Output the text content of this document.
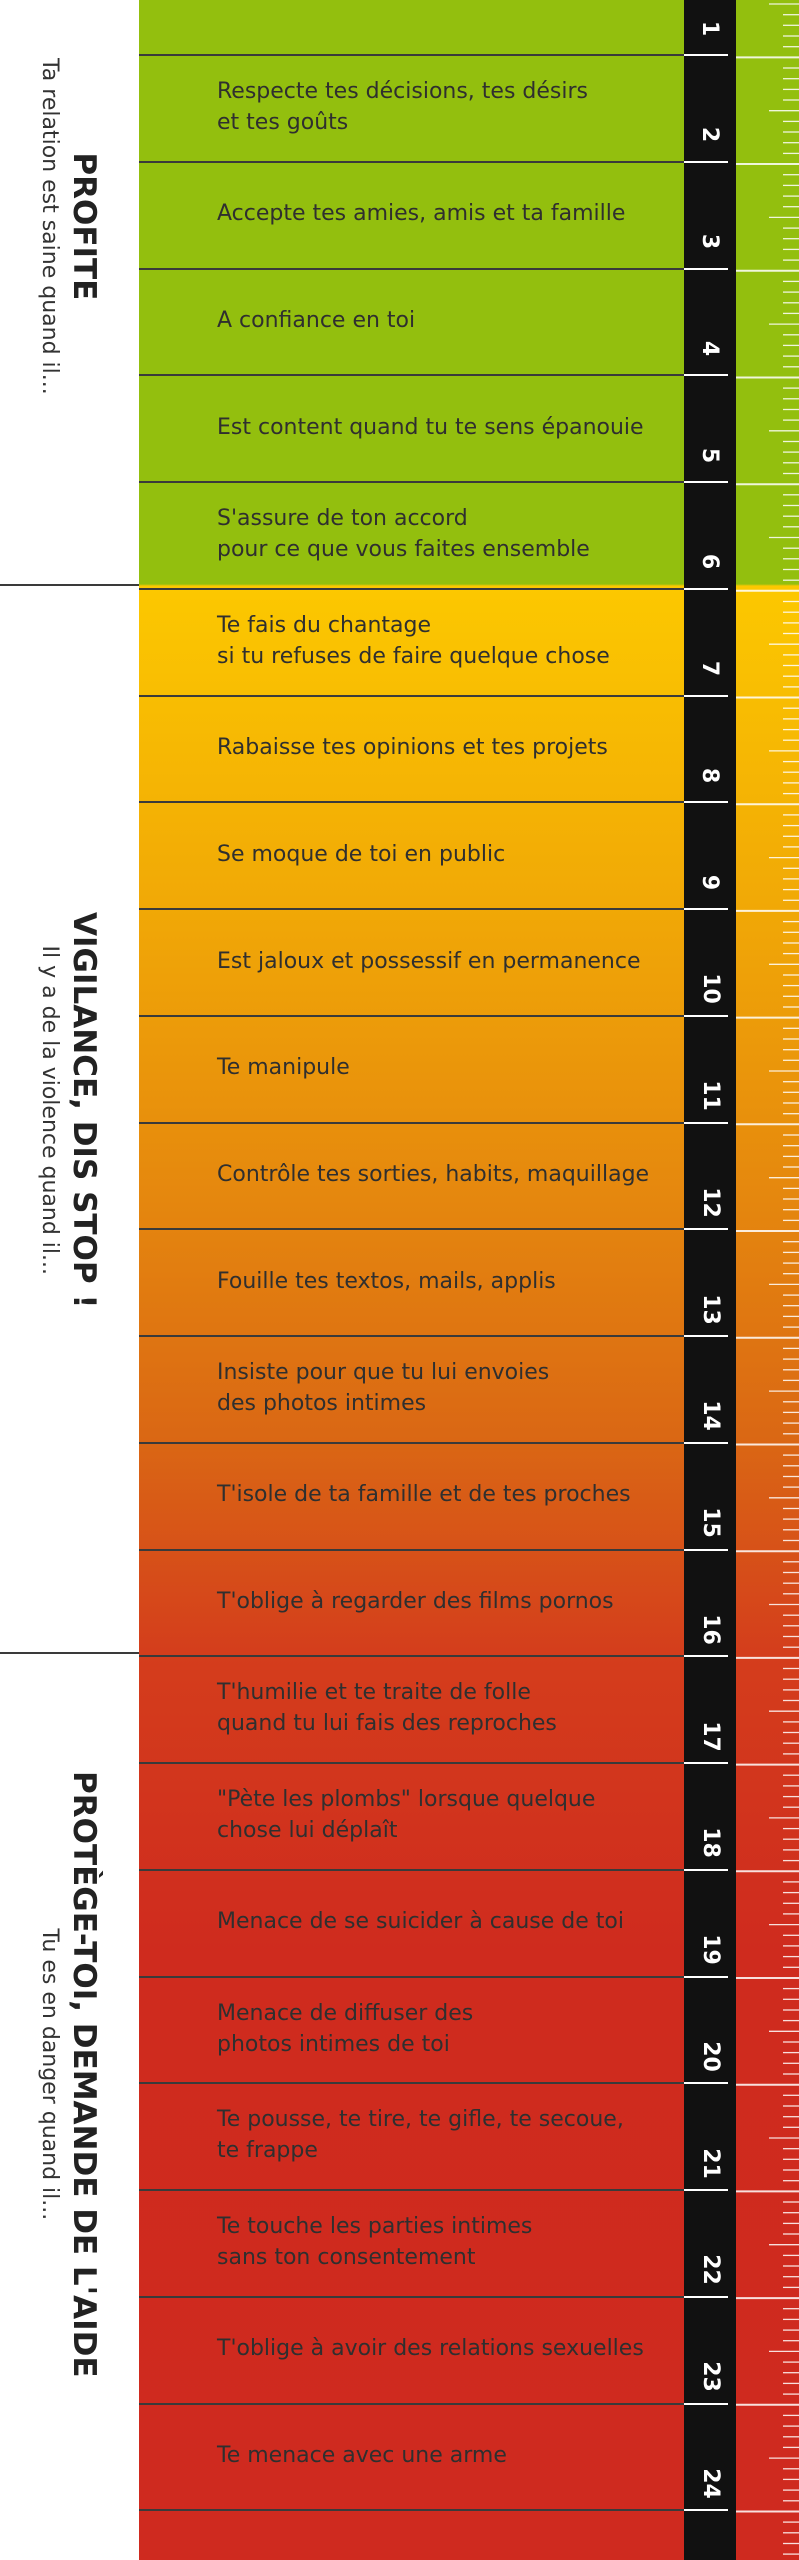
Respecte tes décisions, tes désirs
et tes goûts
Accepte tes amies, amis et ta famille
A confiance en toi
Est content quand tu te sens épanouie
S'assure de ton accord
pour ce que vous faites ensemble
Te fais du chantage
si tu refuses de faire quelque chose
Rabaisse tes opinions et tes projets
Se moque de toi en public
Est jaloux et possessif en permanence
Te manipule
Contrôle tes sorties, habits, maquillage
Fouille tes textos, mails, applis
Insiste pour que tu lui envoies
des photos intimes
T'isole de ta famille et de tes proches
T'oblige à regarder des films pornos
T'humilie et te traite de folle
quand tu lui fais des reproches
"Pète les plombs" lorsque quelque
chose lui déplaît
Menace de se suicider à cause de toi
Menace de diffuser des
photos intimes de toi
Te pousse, te tire, te gifle, te secoue,
te frappe
Te touche les parties intimes
sans ton consentement
T'oblige à avoir des relations sexuelles
Te menace avec une arme
1
2
3
4
5
6
7
8
9
10
11
12
13
14
15
16
17
18
19
20
21
22
23
24
PROFITE
Ta relation est saine quand il...
VIGILANCE, DIS STOP !
Il y a de la violence quand il...
PROTÈGE-TOI, DEMANDE DE L'AIDE
Tu es en danger quand il...
